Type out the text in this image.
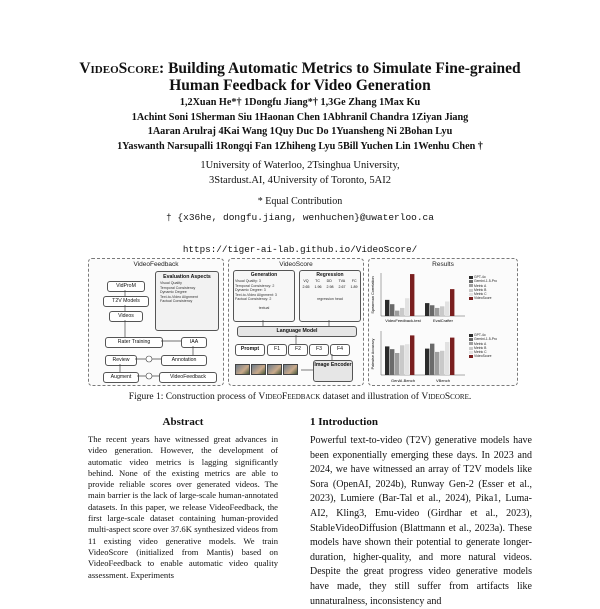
VideoScore: Building Automatic Metrics to Simulate Fine-grained
Human Feedback for Video Generation
1,2Xuan He*† 1Dongfu Jiang*† 1,3Ge Zhang 1Max Ku
1Achint Soni 1Sherman Siu 1Haonan Chen 1Abhranil Chandra 1Ziyan Jiang
1Aaran Arulraj 4Kai Wang 1Quy Duc Do 1Yuansheng Ni 2Bohan Lyu
1Yaswanth Narsupalli 1Rongqi Fan 1Zhiheng Lyu 5Bill Yuchen Lin 1Wenhu Chen †
1University of Waterloo, 2Tsinghua University,
3Stardust.AI, 4University of Toronto, 5AI2
* Equal Contribution
† {x36he, dongfu.jiang, wenhuchen}@uwaterloo.ca
https://tiger-ai-lab.github.io/VideoScore/
VideoFeedback
VidProM
T2V Models
Videos
Evaluation Aspects
Visual Quality
Temporal Consistency
Dynamic Degree
Text-to-Video Alignment
Factual Consistency
Rater Training	IAA
Review	Annotation
Augment	VideoFeedback
VideoScore
Generation
Visual Quality: 3
Temporal Consistency: 2
Dynamic Degree: 3
Text-to-Video Alignment: 3
Factual Consistency: 2
textual
Regression
VQ TC DD TVA FC
2.65 1.96 2.98 2.67 1.89
regression head
Language Model
Prompt	F1	F2	F3	F4
Image Encoder
Results
Spearman Correlation
Pairwise Accuracy
VideoFeedback-test	EvalCrafter
GenAI-Bench	VBench
GPT-4o
Gemini-1.5-Pro
Metric A
Metric B
Metric C
VideoScore
GPT-4o
Gemini-1.5-Pro
Metric A
Metric B
Metric C
VideoScore
Figure 1: Construction process of VideoFeedback dataset and illustration of VideoScore.
Abstract

The recent years have witnessed great advances in video generation. However, the development of automatic video metrics is lagging significantly behind. None of the existing metrics are able to provide reliable scores over generated videos. The main barrier is the lack of large-scale human-annotated datasets. In this paper, we release VideoFeedback, the first large-scale dataset containing human-provided multi-aspect score over 37.6K synthesized videos from 11 existing video generative models. We train VideoScore (initialized from Mantis) based on VideoFeedback to enable automatic video quality assessment. Experiments

1 Introduction

Powerful text-to-video (T2V) generative models have been exponentially emerging these days. In 2023 and 2024, we have witnessed an array of T2V models like Sora (OpenAI, 2024b), Runway Gen-2 (Esser et al., 2023), Lumiere (Bar-Tal et al., 2024), Pika1, Luma-AI2, Kling3, Emu-video (Girdhar et al., 2023), StableVideoDiffusion (Blattmann et al., 2023a). These models have shown their potential to generate longer-duration, higher-quality, and more natural videos. Despite the great progress video generative models have made, they still suffer from artifacts like unnaturalness, inconsistency and
